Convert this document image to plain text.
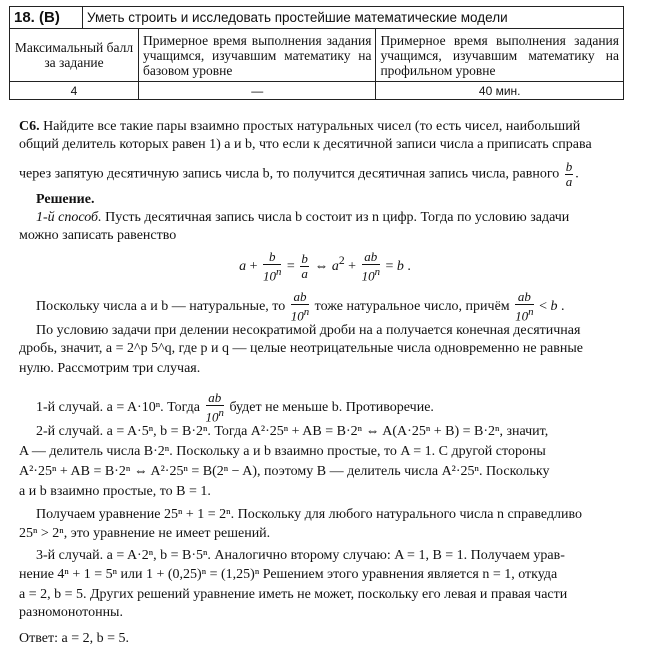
18. (B)	Уметь строить и исследовать простейшие математические модели		
Максимальный балл за задание		Примерное время выполнения задания учащимся, изучавшим математику на базовом уровне	Примерное время выполнения задания учащимся, изучавшим математику на профильном уровне
4		—	40 мин.
С6. Найдите все такие пары взаимно простых натуральных чисел (то есть чисел, наибольший
общий делитель которых равен 1) a и b, что если к десятичной записи числа a приписать справа
через запятую десятичную запись числа b, то получится десятичная запись числа, равного $\frac{b}{a}$ .
Решение.
1-й способ. Пусть десятичная запись числа b состоит из n цифр. Тогда по условию задачи
можно записать равенство
$a + \frac{b}{10^n} = \frac{b}{a}$ ⇔ $a^2 + \frac{ab}{10^n} = b$ .
Поскольку числа a и b — натуральные, то $\frac{ab}{10^n}$ тоже натуральное число, причём $\frac{ab}{10^n} < b$ .
По условию задачи при делении несократимой дроби на a получается конечная десятичная
дробь, значит, a = 2^p 5^q, где p и q — целые неотрицательные числа одновременно не равные
нулю. Рассмотрим три случая.
1-й случай. a = A·10ⁿ. Тогда $\frac{ab}{10^n}$ будет не меньше b. Противоречие.
2-й случай. a = A·5ⁿ, b = B·2ⁿ. Тогда A²·25ⁿ + AB = B·2ⁿ ⇔ A(A·25ⁿ + B) = B·2ⁿ, значит,
A — делитель числа B·2ⁿ. Поскольку a и b взаимно простые, то A = 1. С другой стороны
A²·25ⁿ + AB = B·2ⁿ ⇔ A²·25ⁿ = B(2ⁿ − A), поэтому B — делитель числа A²·25ⁿ. Поскольку
a и b взаимно простые, то B = 1.
Получаем уравнение 25ⁿ + 1 = 2ⁿ. Поскольку для любого натурального числа n справедливо
25ⁿ > 2ⁿ, это уравнение не имеет решений.
3-й случай. a = A·2ⁿ, b = B·5ⁿ. Аналогично второму случаю: A = 1, B = 1. Получаем урав-
нение 4ⁿ + 1 = 5ⁿ или 1 + (0,25)ⁿ = (1,25)ⁿ Решением этого уравнения является n = 1, откуда
a = 2, b = 5. Других решений уравнение иметь не может, поскольку его левая и правая части
разномонотонны.
Ответ: a = 2, b = 5.
